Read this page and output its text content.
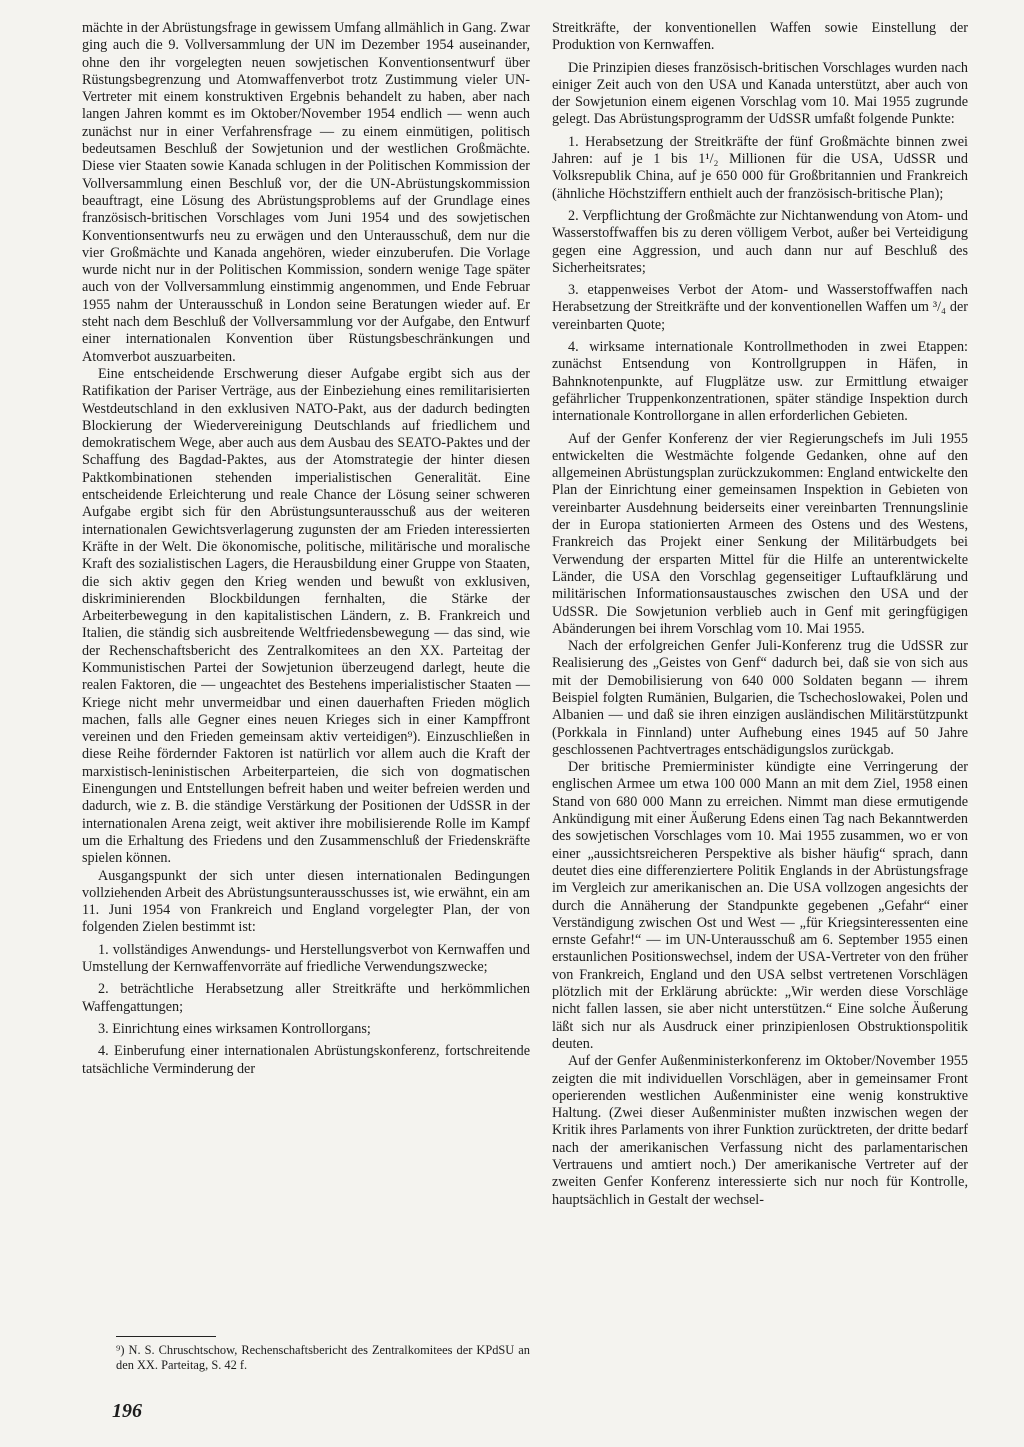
mächte in der Abrüstungsfrage in gewissem Umfang allmählich in Gang. Zwar ging auch die 9. Vollversammlung der UN im Dezember 1954 auseinander, ohne den ihr vorgelegten neuen sowjetischen Konventionsentwurf über Rüstungsbegrenzung und Atomwaffenverbot trotz Zustimmung vieler UN-Vertreter mit einem konstruktiven Ergebnis behandelt zu haben, aber nach langen Jahren kommt es im Oktober/November 1954 endlich — wenn auch zunächst nur in einer Verfahrensfrage — zu einem einmütigen, politisch bedeutsamen Beschluß der Sowjetunion und der westlichen Großmächte. Diese vier Staaten sowie Kanada schlugen in der Politischen Kommission der Vollversammlung einen Beschluß vor, der die UN-Abrüstungskommission beauftragt, eine Lösung des Abrüstungsproblems auf der Grundlage eines französisch-britischen Vorschlages vom Juni 1954 und des sowjetischen Konventionsentwurfs neu zu erwägen und den Unterausschuß, dem nur die vier Großmächte und Kanada angehören, wieder einzuberufen. Die Vorlage wurde nicht nur in der Politischen Kommission, sondern wenige Tage später auch von der Vollversammlung einstimmig angenommen, und Ende Februar 1955 nahm der Unterausschuß in London seine Beratungen wieder auf. Er steht nach dem Beschluß der Vollversammlung vor der Aufgabe, den Entwurf einer internationalen Konvention über Rüstungsbeschränkungen und Atomverbot auszuarbeiten.

Eine entscheidende Erschwerung dieser Aufgabe ergibt sich aus der Ratifikation der Pariser Verträge, aus der Einbeziehung eines remilitarisierten Westdeutschland in den exklusiven NATO-Pakt, aus der dadurch bedingten Blockierung der Wiedervereinigung Deutschlands auf friedlichem und demokratischem Wege, aber auch aus dem Ausbau des SEATO-Paktes und der Schaffung des Bagdad-Paktes, aus der Atomstrategie der hinter diesen Paktkombinationen stehenden imperialistischen Generalität. Eine entscheidende Erleichterung und reale Chance der Lösung seiner schweren Aufgabe ergibt sich für den Abrüstungsunterausschuß aus der weiteren internationalen Gewichtsverlagerung zugunsten der am Frieden interessierten Kräfte in der Welt. Die ökonomische, politische, militärische und moralische Kraft des sozialistischen Lagers, die Herausbildung einer Gruppe von Staaten, die sich aktiv gegen den Krieg wenden und bewußt von exklusiven, diskriminierenden Blockbildungen fernhalten, die Stärke der Arbeiterbewegung in den kapitalistischen Ländern, z. B. Frankreich und Italien, die ständig sich ausbreitende Weltfriedensbewegung — das sind, wie der Rechenschaftsbericht des Zentralkomitees an den XX. Parteitag der Kommunistischen Partei der Sowjetunion überzeugend darlegt, heute die realen Faktoren, die — ungeachtet des Bestehens imperialistischer Staaten — Kriege nicht mehr unvermeidbar und einen dauerhaften Frieden möglich machen, falls alle Gegner eines neuen Krieges sich in einer Kampffront vereinen und den Frieden gemeinsam aktiv verteidigen⁹). Einzuschließen in diese Reihe fördernder Faktoren ist natürlich vor allem auch die Kraft der marxistisch-leninistischen Arbeiterparteien, die sich von dogmatischen Einengungen und Entstellungen befreit haben und weiter befreien werden und dadurch, wie z. B. die ständige Verstärkung der Positionen der UdSSR in der internationalen Arena zeigt, weit aktiver ihre mobilisierende Rolle im Kampf um die Erhaltung des Friedens und den Zusammenschluß der Friedenskräfte spielen können.

Ausgangspunkt der sich unter diesen internationalen Bedingungen vollziehenden Arbeit des Abrüstungsunterausschusses ist, wie erwähnt, ein am 11. Juni 1954 von Frankreich und England vorgelegter Plan, der von folgenden Zielen bestimmt ist:

1. vollständiges Anwendungs- und Herstellungsverbot von Kernwaffen und Umstellung der Kernwaffenvorräte auf friedliche Verwendungszwecke;

2. beträchtliche Herabsetzung aller Streitkräfte und herkömmlichen Waffengattungen;

3. Einrichtung eines wirksamen Kontrollorgans;

4. Einberufung einer internationalen Abrüstungskonferenz, fortschreitende tatsächliche Verminderung der

Streitkräfte, der konventionellen Waffen sowie Einstellung der Produktion von Kernwaffen.

Die Prinzipien dieses französisch-britischen Vorschlages wurden nach einiger Zeit auch von den USA und Kanada unterstützt, aber auch von der Sowjetunion einem eigenen Vorschlag vom 10. Mai 1955 zugrunde gelegt. Das Abrüstungsprogramm der UdSSR umfaßt folgende Punkte:

1. Herabsetzung der Streitkräfte der fünf Großmächte binnen zwei Jahren: auf je 1 bis 1¹/₂ Millionen für die USA, UdSSR und Volksrepublik China, auf je 650 000 für Großbritannien und Frankreich (ähnliche Höchstziffern enthielt auch der französisch-britische Plan);

2. Verpflichtung der Großmächte zur Nichtanwendung von Atom- und Wasserstoffwaffen bis zu deren völligem Verbot, außer bei Verteidigung gegen eine Aggression, und auch dann nur auf Beschluß des Sicherheitsrates;

3. etappenweises Verbot der Atom- und Wasserstoffwaffen nach Herabsetzung der Streitkräfte und der konventionellen Waffen um ³/₄ der vereinbarten Quote;

4. wirksame internationale Kontrollmethoden in zwei Etappen: zunächst Entsendung von Kontrollgruppen in Häfen, in Bahnknotenpunkte, auf Flugplätze usw. zur Ermittlung etwaiger gefährlicher Truppenkonzentrationen, später ständige Inspektion durch internationale Kontrollorgane in allen erforderlichen Gebieten.

Auf der Genfer Konferenz der vier Regierungschefs im Juli 1955 entwickelten die Westmächte folgende Gedanken, ohne auf den allgemeinen Abrüstungsplan zurückzukommen: England entwickelte den Plan der Einrichtung einer gemeinsamen Inspektion in Gebieten von vereinbarter Ausdehnung beiderseits einer vereinbarten Trennungslinie der in Europa stationierten Armeen des Ostens und des Westens, Frankreich das Projekt einer Senkung der Militärbudgets bei Verwendung der ersparten Mittel für die Hilfe an unterentwickelte Länder, die USA den Vorschlag gegenseitiger Luftaufklärung und militärischen Informationsaustausches zwischen den USA und der UdSSR. Die Sowjetunion verblieb auch in Genf mit geringfügigen Abänderungen bei ihrem Vorschlag vom 10. Mai 1955.

Nach der erfolgreichen Genfer Juli-Konferenz trug die UdSSR zur Realisierung des „Geistes von Genf“ dadurch bei, daß sie von sich aus mit der Demobilisierung von 640 000 Soldaten begann — ihrem Beispiel folgten Rumänien, Bulgarien, die Tschechoslowakei, Polen und Albanien — und daß sie ihren einzigen ausländischen Militärstützpunkt (Porkkala in Finnland) unter Aufhebung eines 1945 auf 50 Jahre geschlossenen Pachtvertrages entschädigungslos zurückgab.

Der britische Premierminister kündigte eine Verringerung der englischen Armee um etwa 100 000 Mann an mit dem Ziel, 1958 einen Stand von 680 000 Mann zu erreichen. Nimmt man diese ermutigende Ankündigung mit einer Äußerung Edens einen Tag nach Bekanntwerden des sowjetischen Vorschlages vom 10. Mai 1955 zusammen, wo er von einer „aussichtsreicheren Perspektive als bisher häufig“ sprach, dann deutet dies eine differenziertere Politik Englands in der Abrüstungsfrage im Vergleich zur amerikanischen an. Die USA vollzogen angesichts der durch die Annäherung der Standpunkte gegebenen „Gefahr“ einer Verständigung zwischen Ost und West — „für Kriegsinteressenten eine ernste Gefahr!“ — im UN-Unterausschuß am 6. September 1955 einen erstaunlichen Positionswechsel, indem der USA-Vertreter von den früher von Frankreich, England und den USA selbst vertretenen Vorschlägen plötzlich mit der Erklärung abrückte: „Wir werden diese Vorschläge nicht fallen lassen, sie aber nicht unterstützen.“ Eine solche Äußerung läßt sich nur als Ausdruck einer prinzipienlosen Obstruktionspolitik deuten.

Auf der Genfer Außenministerkonferenz im Oktober/November 1955 zeigten die mit individuellen Vorschlägen, aber in gemeinsamer Front operierenden westlichen Außenminister eine wenig konstruktive Haltung. (Zwei dieser Außenminister mußten inzwischen wegen der Kritik ihres Parlaments von ihrer Funktion zurücktreten, der dritte bedarf nach der amerikanischen Verfassung nicht des parlamentarischen Vertrauens und amtiert noch.) Der amerikanische Vertreter auf der zweiten Genfer Konferenz interessierte sich nur noch für Kontrolle, hauptsächlich in Gestalt der wechsel-

⁹) N. S. Chruschtschow, Rechenschaftsbericht des Zentralkomitees der KPdSU an den XX. Parteitag, S. 42 f.

196
